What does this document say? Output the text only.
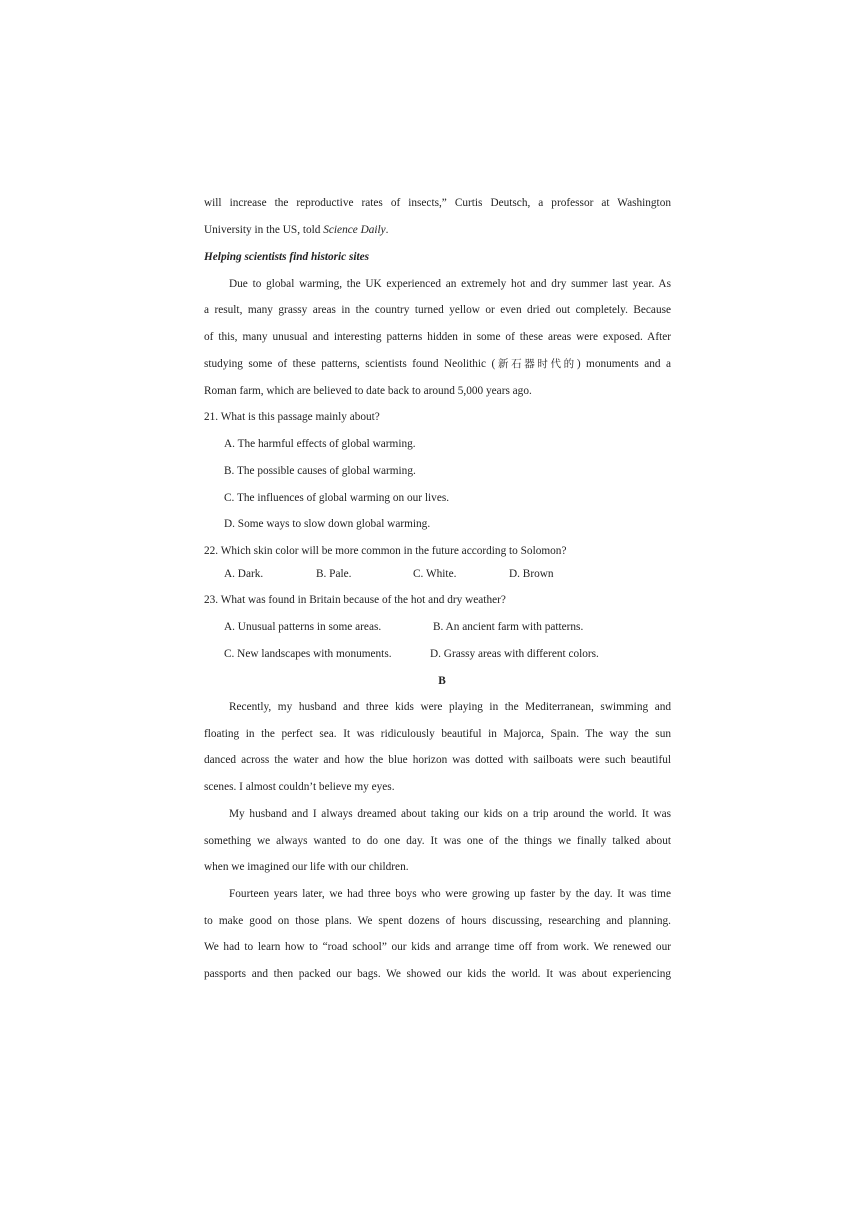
will increase the reproductive rates of insects,” Curtis Deutsch, a professor at Washington
University in the US, told Science Daily.
Helping scientists find historic sites
Due to global warming, the UK experienced an extremely hot and dry summer last year. As
a result, many grassy areas in the country turned yellow or even dried out completely. Because
of this, many unusual and interesting patterns hidden in some of these areas were exposed. After
studying some of these patterns, scientists found Neolithic (新石器时代的) monuments and a
Roman farm, which are believed to date back to around 5,000 years ago.
21. What is this passage mainly about?
A. The harmful effects of global warming.
B. The possible causes of global warming.
C. The influences of global warming on our lives.
D. Some ways to slow down global warming.
22. Which skin color will be more common in the future according to Solomon?
A. Dark.	B. Pale.	C. White.	D. Brown
23. What was found in Britain because of the hot and dry weather?
A. Unusual patterns in some areas.	B. An ancient farm with patterns.
C. New landscapes with monuments.	D. Grassy areas with different colors.
B
Recently, my husband and three kids were playing in the Mediterranean, swimming and
floating in the perfect sea. It was ridiculously beautiful in Majorca, Spain. The way the sun
danced across the water and how the blue horizon was dotted with sailboats were such beautiful
scenes. I almost couldn’t believe my eyes.
My husband and I always dreamed about taking our kids on a trip around the world. It was
something we always wanted to do one day. It was one of the things we finally talked about
when we imagined our life with our children.
Fourteen years later, we had three boys who were growing up faster by the day. It was time
to make good on those plans. We spent dozens of hours discussing, researching and planning.
We had to learn how to “road school” our kids and arrange time off from work. We renewed our
passports and then packed our bags. We showed our kids the world. It was about experiencing
